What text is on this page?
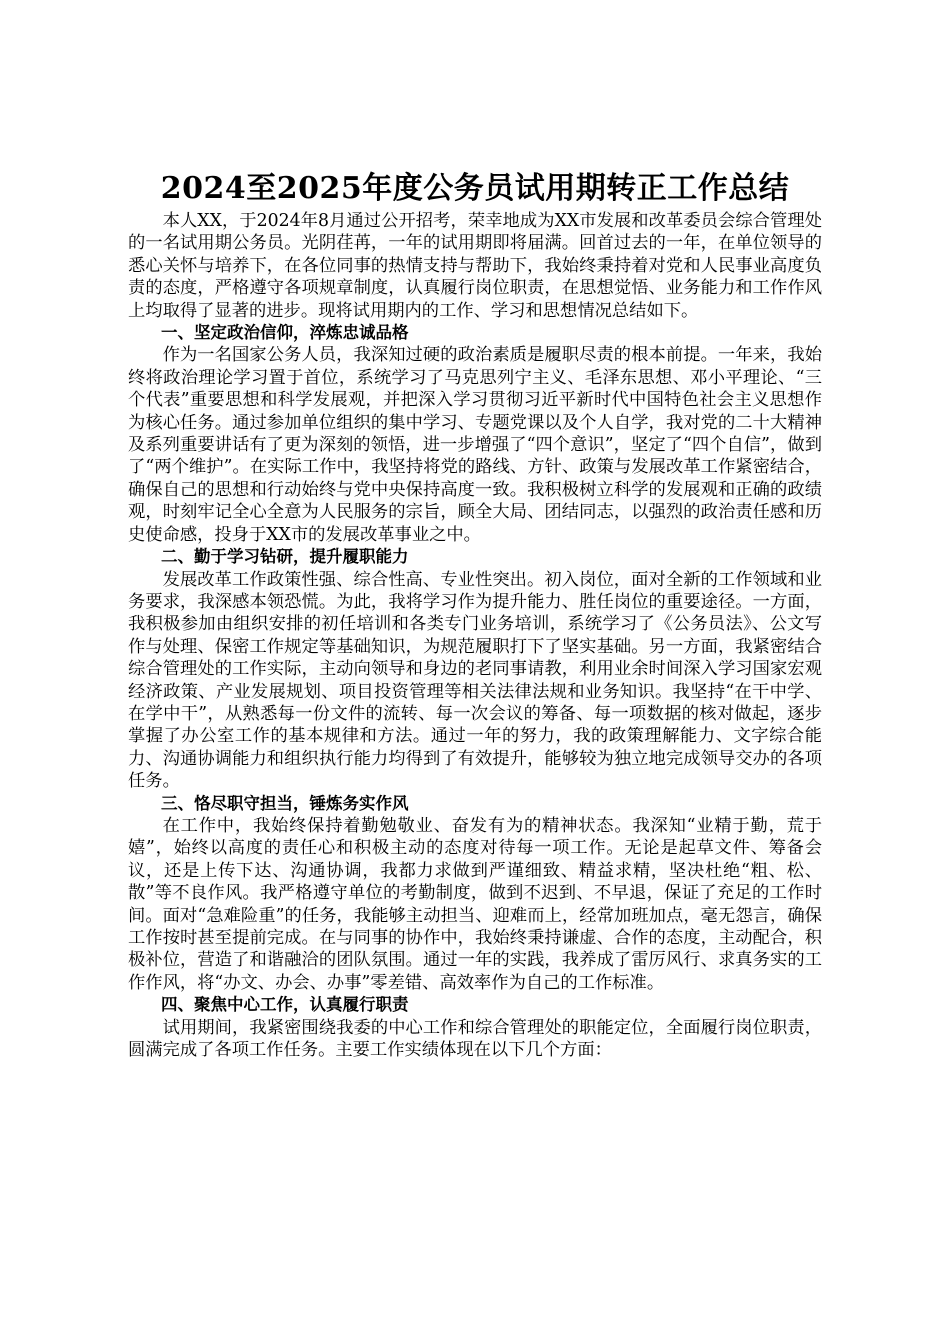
2024至2025年度公务员试用期转正工作总结

本人XX，于2024年8月通过公开招考，荣幸地成为XX市发展和改革委员会综合管理处的一名试用期公务员。光阴荏苒，一年的试用期即将届满。回首过去的一年，在单位领导的悉心关怀与培养下，在各位同事的热情支持与帮助下，我始终秉持着对党和人民事业高度负责的态度，严格遵守各项规章制度，认真履行岗位职责，在思想觉悟、业务能力和工作作风上均取得了显著的进步。现将试用期内的工作、学习和思想情况总结如下。

一、坚定政治信仰，淬炼忠诚品格

作为一名国家公务人员，我深知过硬的政治素质是履职尽责的根本前提。一年来，我始终将政治理论学习置于首位，系统学习了马克思列宁主义、毛泽东思想、邓小平理论、“三个代表”重要思想和科学发展观，并把深入学习贯彻习近平新时代中国特色社会主义思想作为核心任务。通过参加单位组织的集中学习、专题党课以及个人自学，我对党的二十大精神及系列重要讲话有了更为深刻的领悟，进一步增强了“四个意识”，坚定了“四个自信”，做到了“两个维护”。在实际工作中，我坚持将党的路线、方针、政策与发展改革工作紧密结合，确保自己的思想和行动始终与党中央保持高度一致。我积极树立科学的发展观和正确的政绩观，时刻牢记全心全意为人民服务的宗旨，顾全大局、团结同志，以强烈的政治责任感和历史使命感，投身于XX市的发展改革事业之中。

二、勤于学习钻研，提升履职能力

发展改革工作政策性强、综合性高、专业性突出。初入岗位，面对全新的工作领域和业务要求，我深感本领恐慌。为此，我将学习作为提升能力、胜任岗位的重要途径。一方面，我积极参加由组织安排的初任培训和各类专门业务培训，系统学习了《公务员法》、公文写作与处理、保密工作规定等基础知识，为规范履职打下了坚实基础。另一方面，我紧密结合综合管理处的工作实际，主动向领导和身边的老同事请教，利用业余时间深入学习国家宏观经济政策、产业发展规划、项目投资管理等相关法律法规和业务知识。我坚持“在干中学、在学中干”，从熟悉每一份文件的流转、每一次会议的筹备、每一项数据的核对做起，逐步掌握了办公室工作的基本规律和方法。通过一年的努力，我的政策理解能力、文字综合能力、沟通协调能力和组织执行能力均得到了有效提升，能够较为独立地完成领导交办的各项任务。

三、恪尽职守担当，锤炼务实作风

在工作中，我始终保持着勤勉敬业、奋发有为的精神状态。我深知“业精于勤，荒于嬉”，始终以高度的责任心和积极主动的态度对待每一项工作。无论是起草文件、筹备会议，还是上传下达、沟通协调，我都力求做到严谨细致、精益求精，坚决杜绝“粗、松、散”等不良作风。我严格遵守单位的考勤制度，做到不迟到、不早退，保证了充足的工作时间。面对“急难险重”的任务，我能够主动担当、迎难而上，经常加班加点，毫无怨言，确保工作按时甚至提前完成。在与同事的协作中，我始终秉持谦虚、合作的态度，主动配合，积极补位，营造了和谐融洽的团队氛围。通过一年的实践，我养成了雷厉风行、求真务实的工作作风，将“办文、办会、办事”零差错、高效率作为自己的工作标准。

四、聚焦中心工作，认真履行职责

试用期间，我紧密围绕我委的中心工作和综合管理处的职能定位，全面履行岗位职责，圆满完成了各项工作任务。主要工作实绩体现在以下几个方面：
